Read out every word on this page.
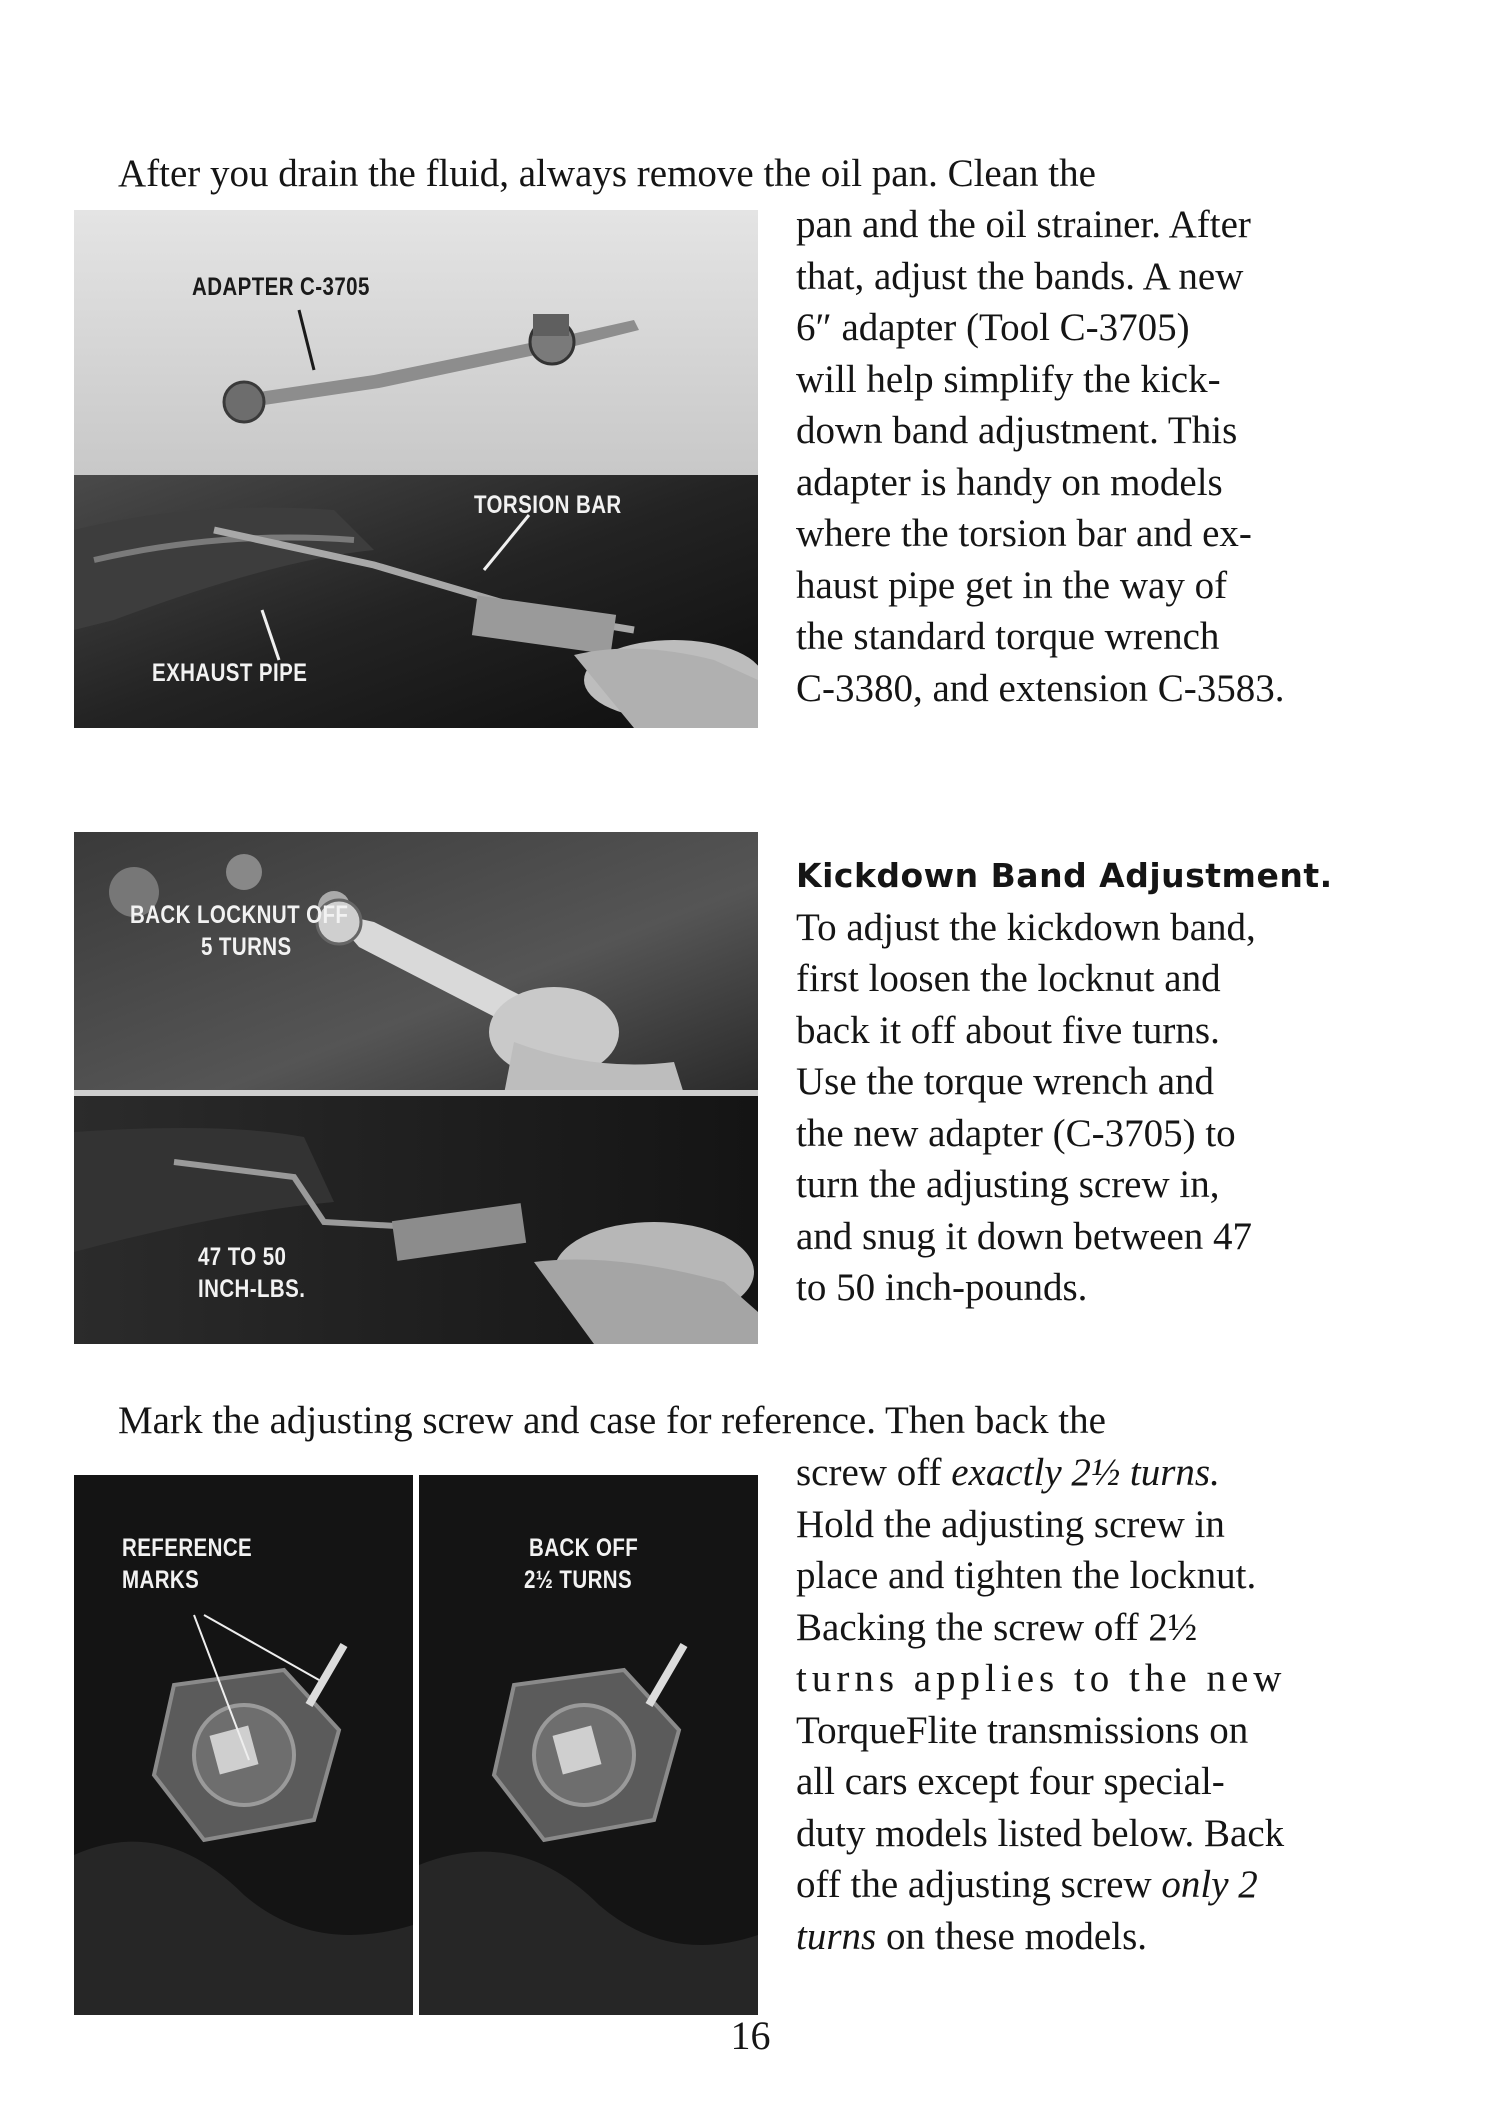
After you drain the fluid, always remove the oil pan. Clean the
ADAPTER C-3705
TORSION BAR
EXHAUST PIPE

pan and the oil strainer. After

that, adjust the bands. A new

6″ adapter (Tool C-3705)

will help simplify the kick-

down band adjustment. This

adapter is handy on models

where the torsion bar and ex-

haust pipe get in the way of

the standard torque wrench

C-3380, and extension C-3583.

BACK LOCKNUT OFF
5 TURNS
47 TO 50
INCH-LBS.
Kickdown Band Adjustment.

To adjust the kickdown band,

first loosen the locknut and

back it off about five turns.

Use the torque wrench and

the new adapter (C-3705) to

turn the adjusting screw in,

and snug it down between 47

to 50 inch-pounds.

Mark the adjusting screw and case for reference. Then back the
REFERENCE
MARKS
BACK OFF
2½ TURNS

screw off exactly 2½ turns.

Hold the adjusting screw in

place and tighten the locknut.

Backing the screw off 2½

turns applies to the new

TorqueFlite transmissions on

all cars except four special-

duty models listed below. Back

off the adjusting screw only 2

turns on these models.

16
